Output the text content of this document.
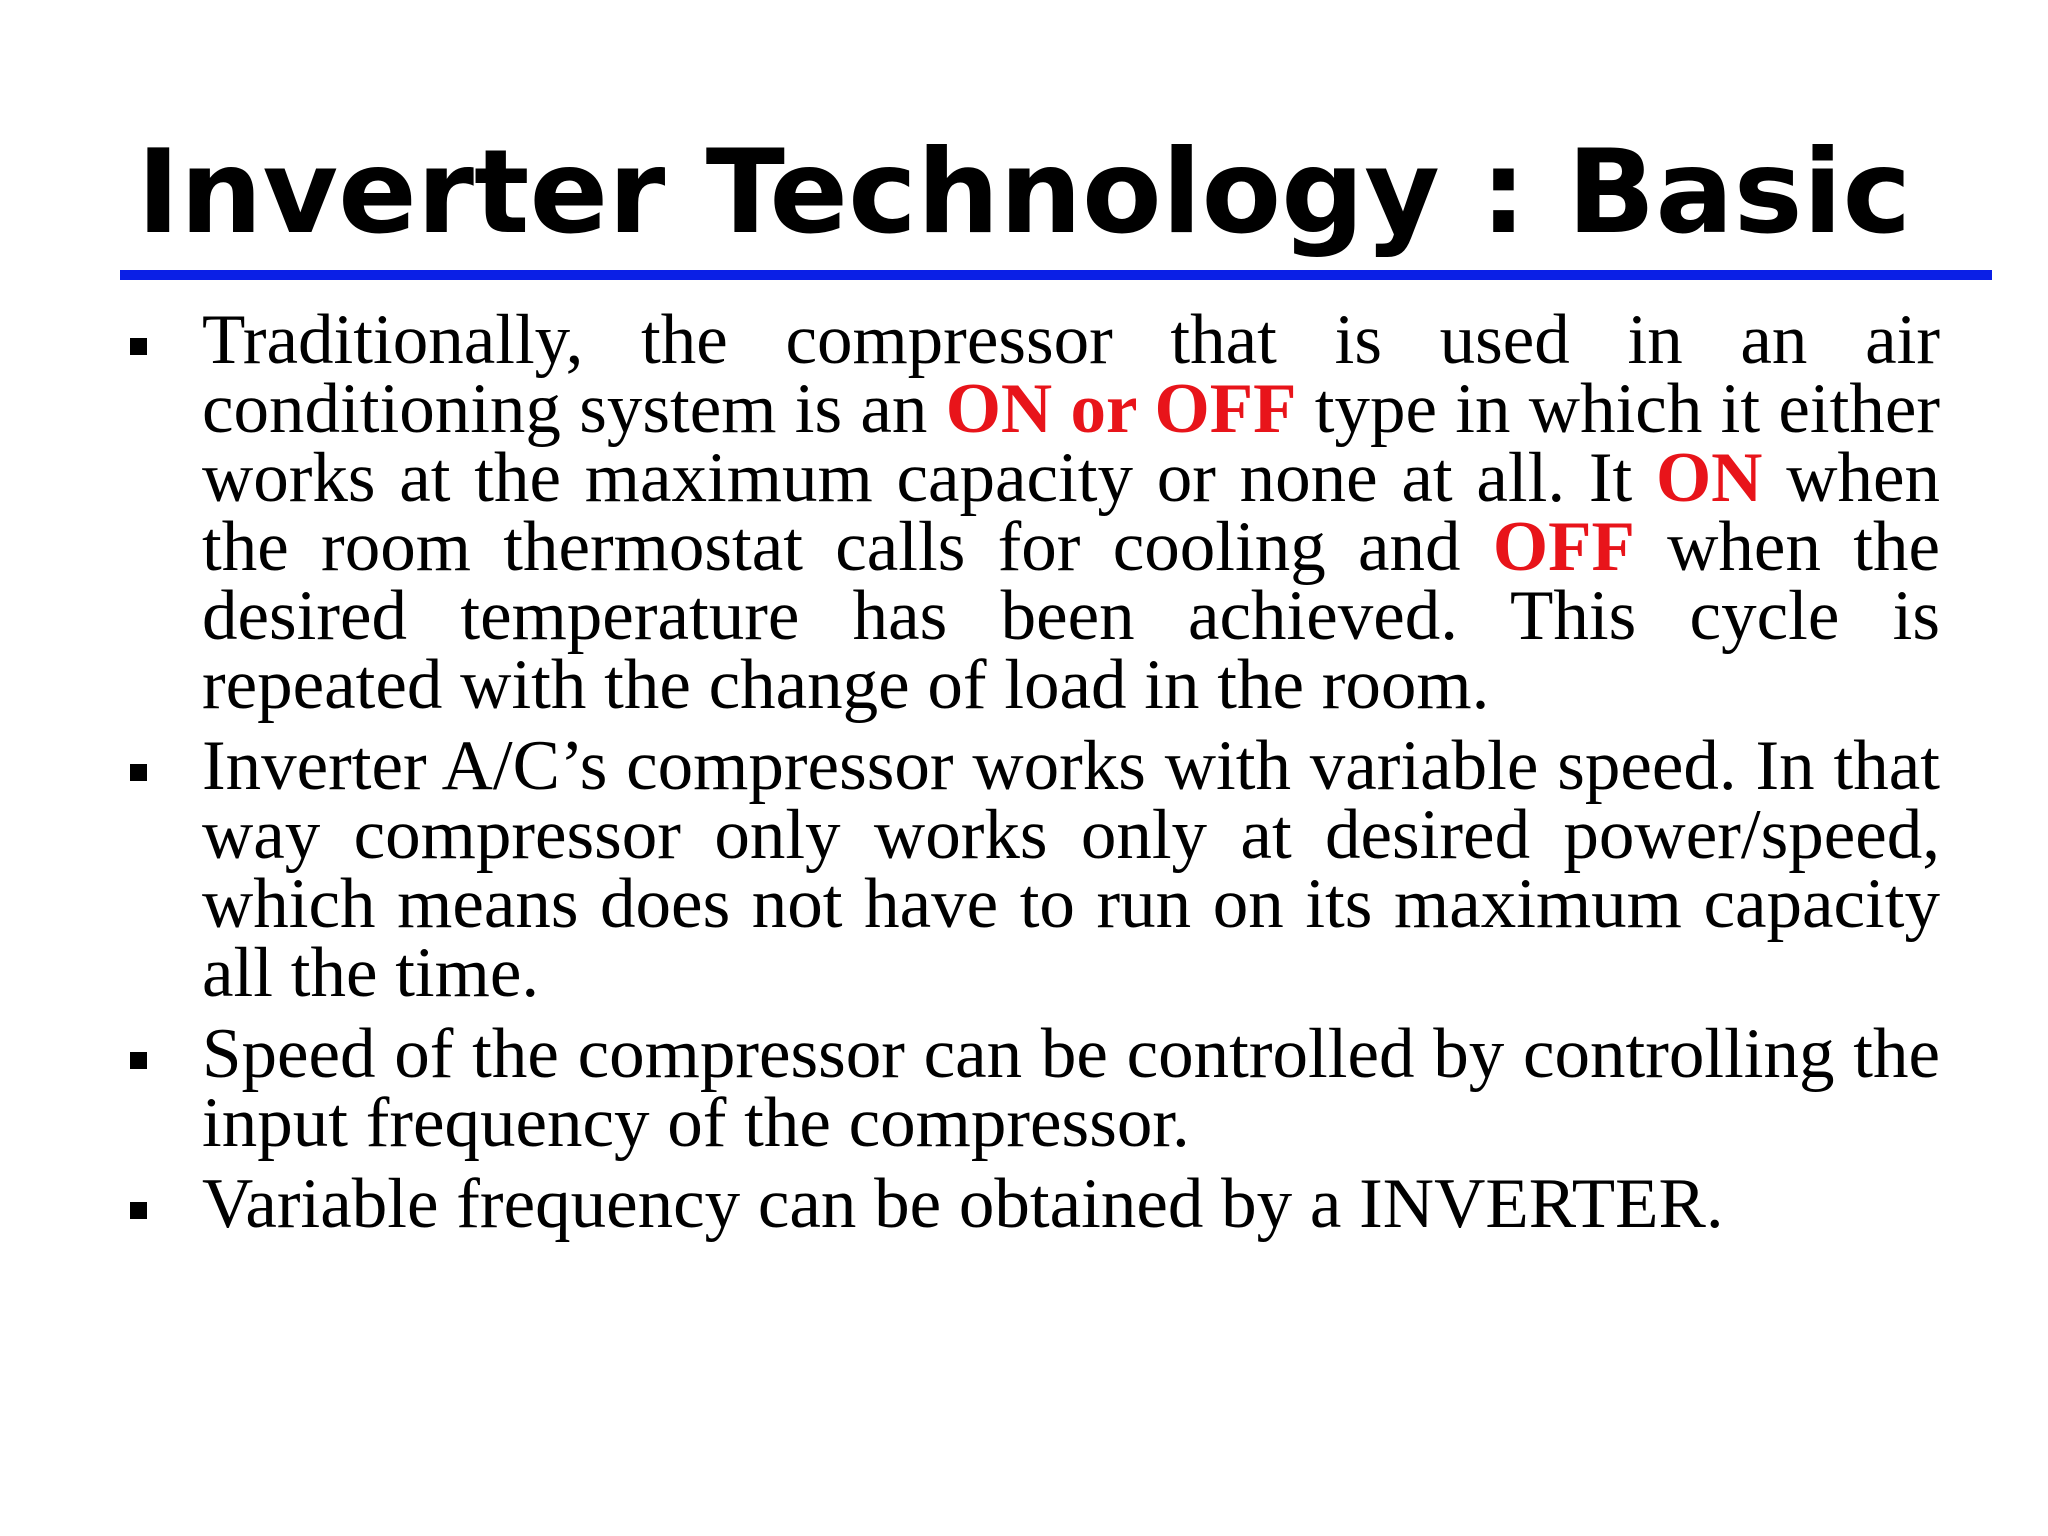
Inverter Technology : Basic
Traditionally, the compressor that is used in an air conditioning system is an ON or OFF type in which it either works at the maximum capacity or none at all. It ON when the room thermostat calls for cooling and OFF when the desired temperature has been achieved. This cycle is repeated with the change of load in the room.
Inverter A/C’s compressor works with variable speed. In that way compressor only works only at desired power/speed, which means does not have to run on its maximum capacity all the time.
Speed of the compressor can be controlled by controlling the input frequency of the compressor.
Variable frequency can be obtained by a INVERTER.
